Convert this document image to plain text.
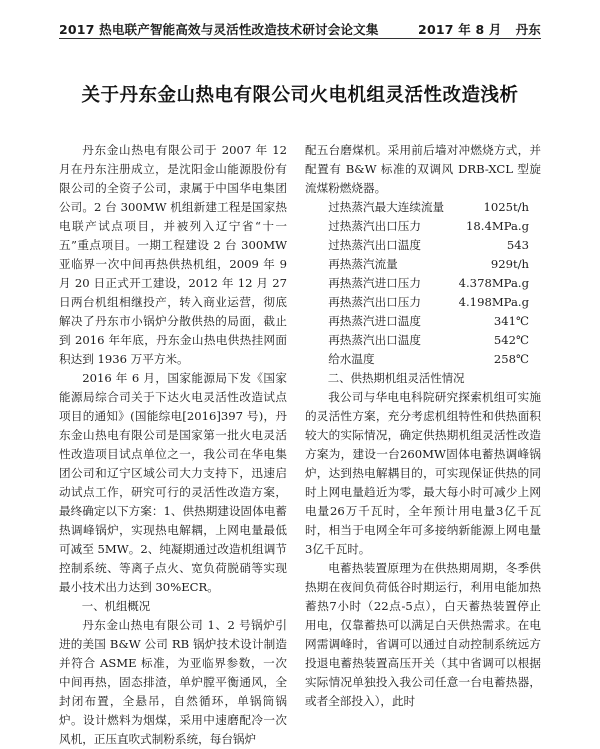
2017 热电联产智能高效与灵活性改造技术研讨会论文集	2017 年 8 月 丹东
关于丹东金山热电有限公司火电机组灵活性改造浅析

丹东金山热电有限公司于 2007 年 12 月在丹东注册成立，是沈阳金山能源股份有限公司的全资子公司，隶属于中国华电集团公司。2 台 300MW 机组新建工程是国家热电联产试点项目，并被列入辽宁省“十一五”重点项目。一期工程建设 2 台 300MW 亚临界一次中间再热供热机组，2009 年 9 月 20 日正式开工建设，2012 年 12 月 27 日两台机组相继投产，转入商业运营，彻底解决了丹东市小锅炉分散供热的局面，截止到 2016 年年底，丹东金山热电供热挂网面积达到 1936 万平方米。

2016 年 6 月，国家能源局下发《国家能源局综合司关于下达火电灵活性改造试点项目的通知》(国能综电[2016]397 号)，丹东金山热电有限公司是国家第一批火电灵活性改造项目试点单位之一，我公司在华电集团公司和辽宁区域公司大力支持下，迅速启动试点工作，研究可行的灵活性改造方案，最终确定以下方案：1、供热期建设固体电蓄热调峰锅炉，实现热电解耦，上网电量最低可减至 5MW。2、纯凝期通过改造机组调节控制系统、等离子点火、宽负荷脱硝等实现最小技术出力达到 30%ECR。

一、机组概况

丹东金山热电有限公司 1、2 号锅炉引进的美国 B&W 公司 RB 锅炉技术设计制造并符合 ASME 标准，为亚临界参数，一次中间再热，固态排渣，单炉膛平衡通风，全封闭布置，全悬吊，自然循环，单锅筒锅炉。设计燃料为烟煤，采用中速磨配冷一次风机，正压直吹式制粉系统，每台锅炉

配五台磨煤机。采用前后墙对冲燃烧方式，并配置有 B&W 标准的双调风 DRB-XCL 型旋流煤粉燃烧器。

过热蒸汽最大连续流量	1025t/h
过热蒸汽出口压力	18.4MPa.g
过热蒸汽出口温度	543
再热蒸汽流量	929t/h
再热蒸汽进口压力	4.378MPa.g
再热蒸汽出口压力	4.198MPa.g
再热蒸汽进口温度	341℃
再热蒸汽出口温度	542℃
给水温度	258℃

二、供热期机组灵活性情况

我公司与华电电科院研究探索机组可实施的灵活性方案，充分考虑机组特性和供热面积较大的实际情况，确定供热期机组灵活性改造方案为，建设一台260MW固体电蓄热调峰锅炉，达到热电解耦目的，可实现保证供热的同时上网电量趋近为零，最大每小时可减少上网电量26万千瓦时，全年预计用电量3亿千瓦时，相当于电网全年可多接纳新能源上网电量3亿千瓦时。

电蓄热装置原理为在供热期周期，冬季供热期在夜间负荷低谷时期运行，利用电能加热蓄热7小时（22点-5点），白天蓄热装置停止用电，仅靠蓄热可以满足白天供热需求。在电网需调峰时，省调可以通过自动控制系统远方投退电蓄热装置高压开关（其中省调可以根据实际情况单独投入我公司任意一台电蓄热器，或者全部投入），此时
